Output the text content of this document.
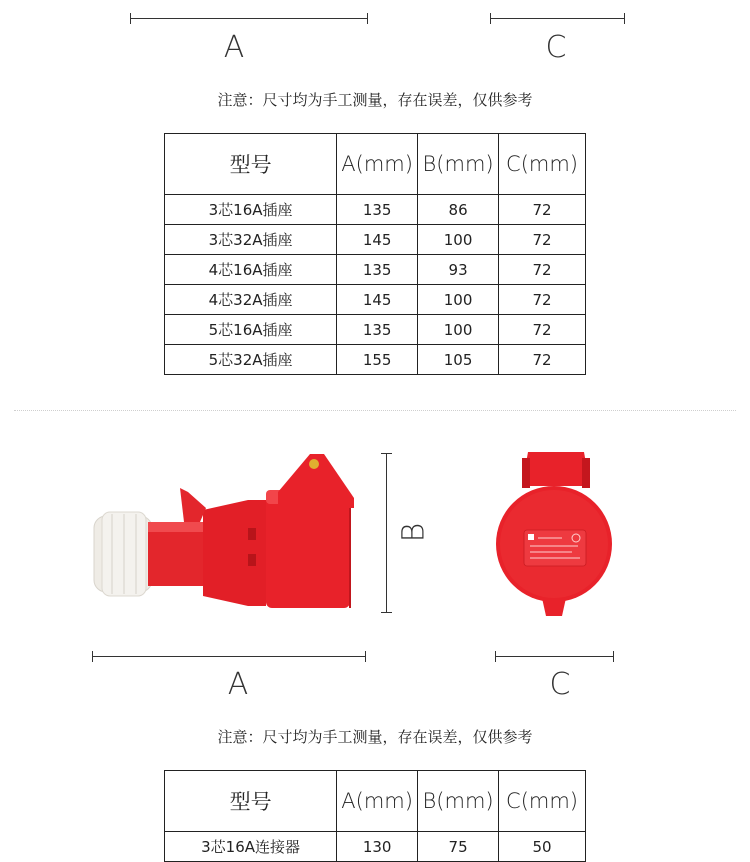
A	C
注意：尺寸均为手工测量，存在误差，仅供参考
型号	A(mm)	B(mm)	C(mm)
3芯16A插座	135	86	72
3芯32A插座	145	100	72
4芯16A插座	135	93	72
4芯32A插座	145	100	72
5芯16A插座	135	100	72
5芯32A插座	155	105	72
B
A	C
注意：尺寸均为手工测量，存在误差，仅供参考
型号	A(mm)	B(mm)	C(mm)
3芯16A连接器	130	75	50
